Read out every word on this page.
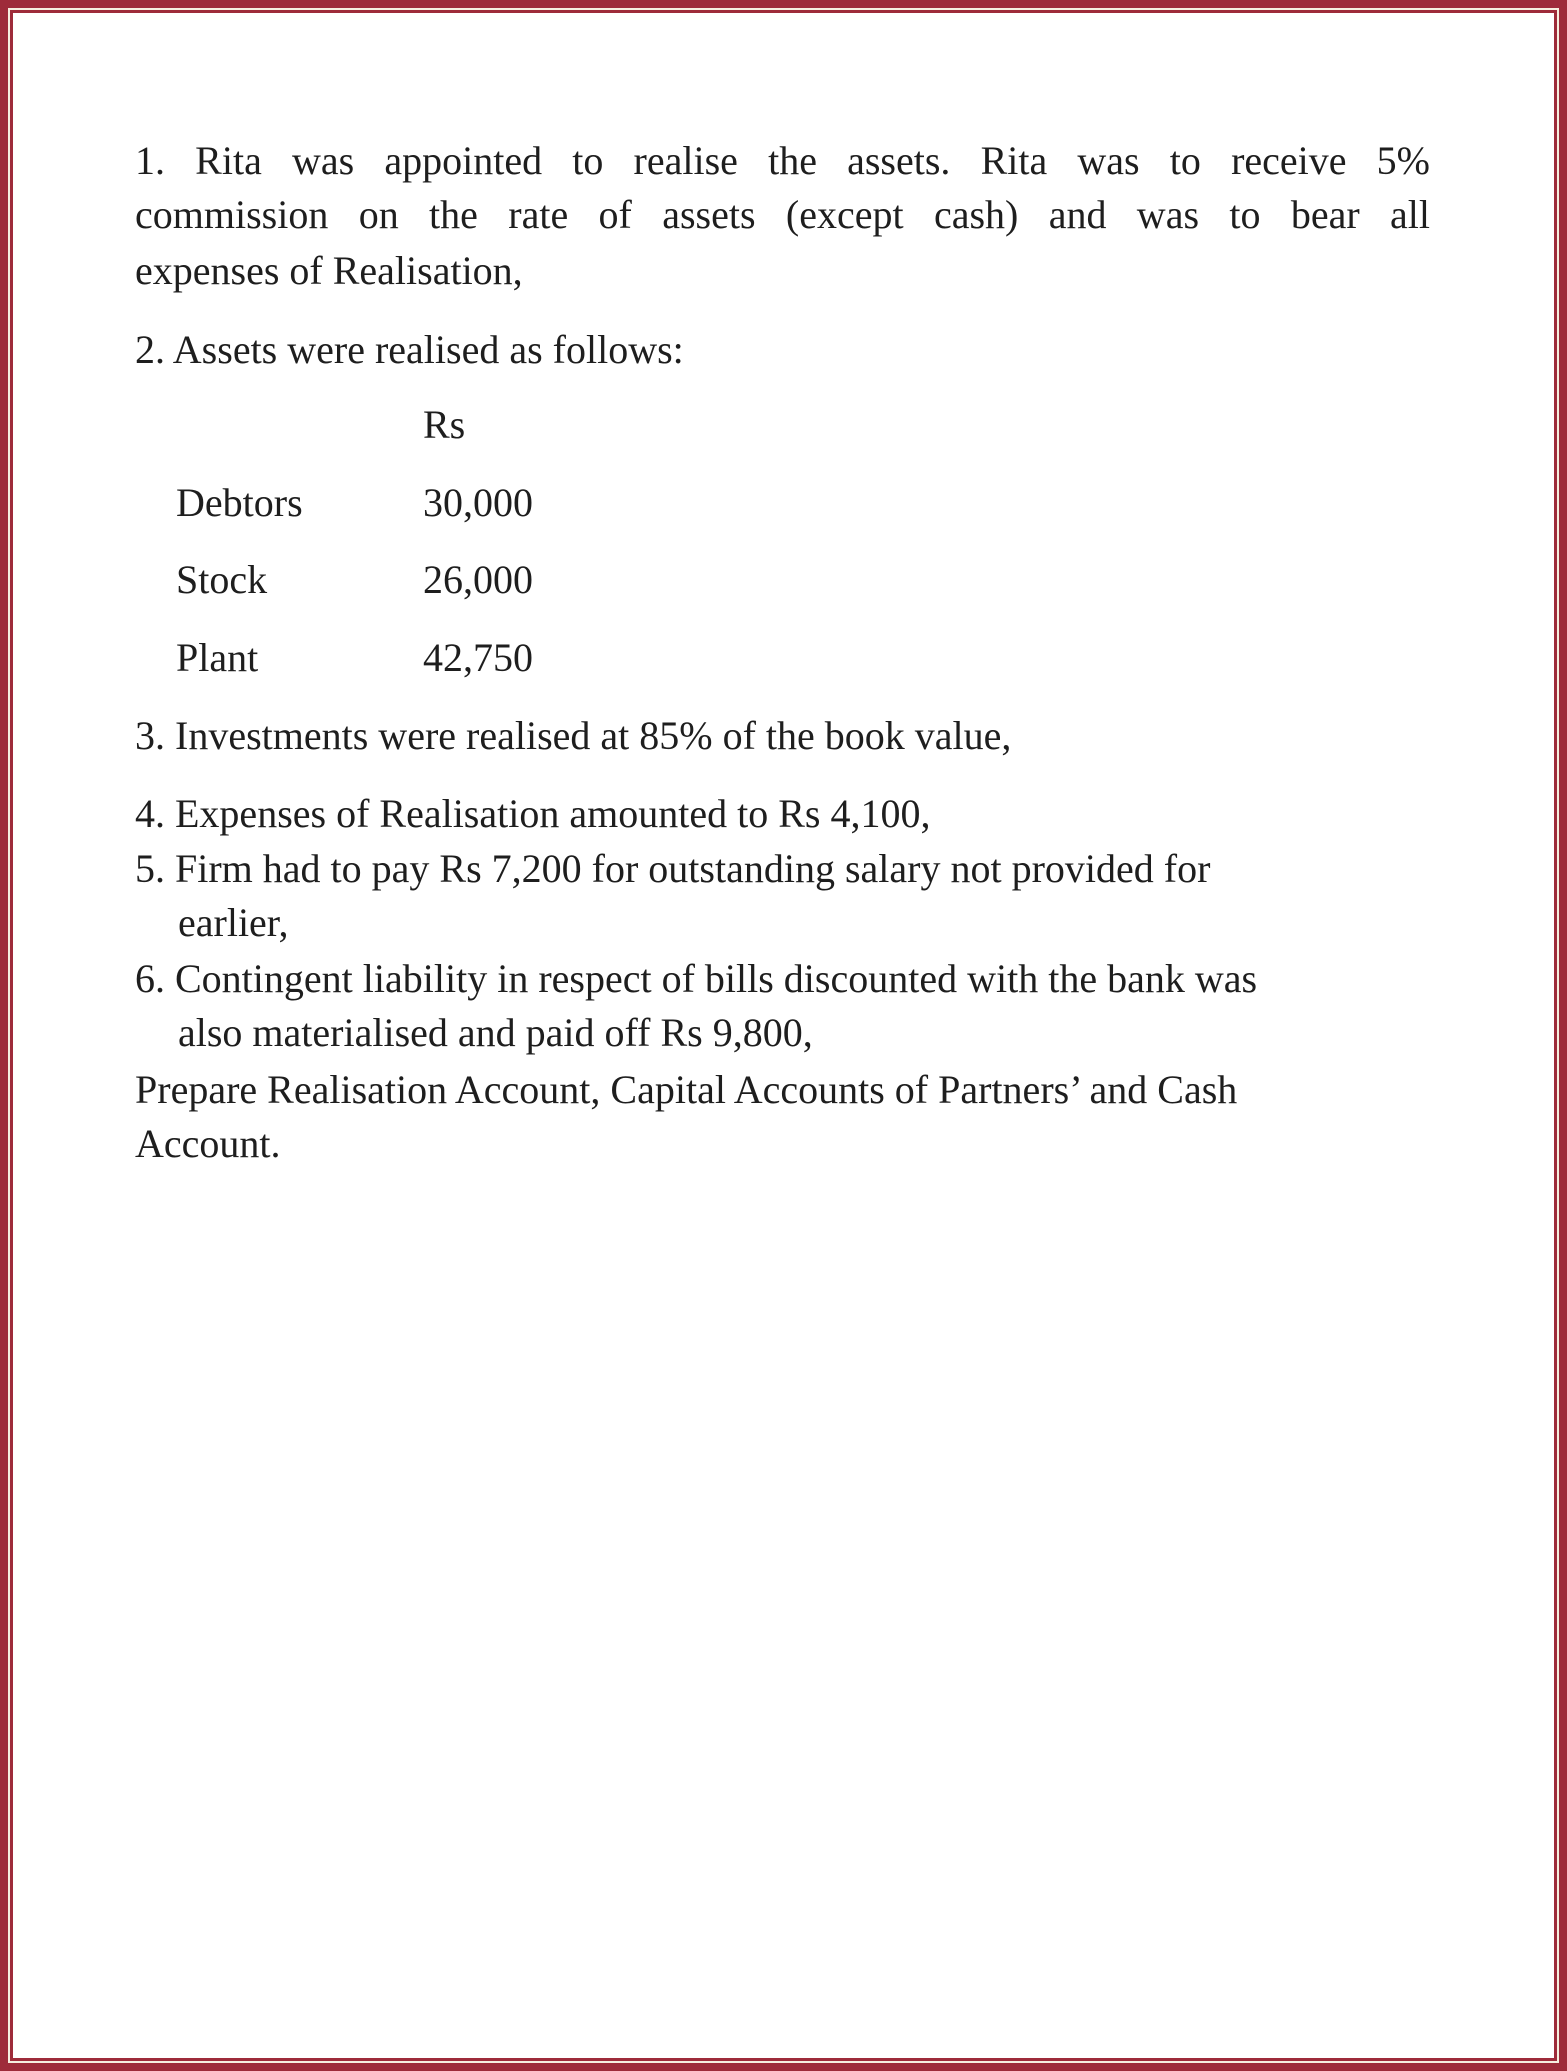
1. Rita was appointed to realise the assets. Rita was to receive 5%
commission on the rate of assets (except cash) and was to bear all
expenses of Realisation,
2. Assets were realised as follows:
Rs
Debtors	30,000
Stock	26,000
Plant	42,750
3. Investments were realised at 85% of the book value,
4. Expenses of Realisation amounted to Rs 4,100,
5. Firm had to pay Rs 7,200 for outstanding salary not provided for
earlier,
6. Contingent liability in respect of bills discounted with the bank was
also materialised and paid off Rs 9,800,
Prepare Realisation Account, Capital Accounts of Partners’ and Cash
Account.
